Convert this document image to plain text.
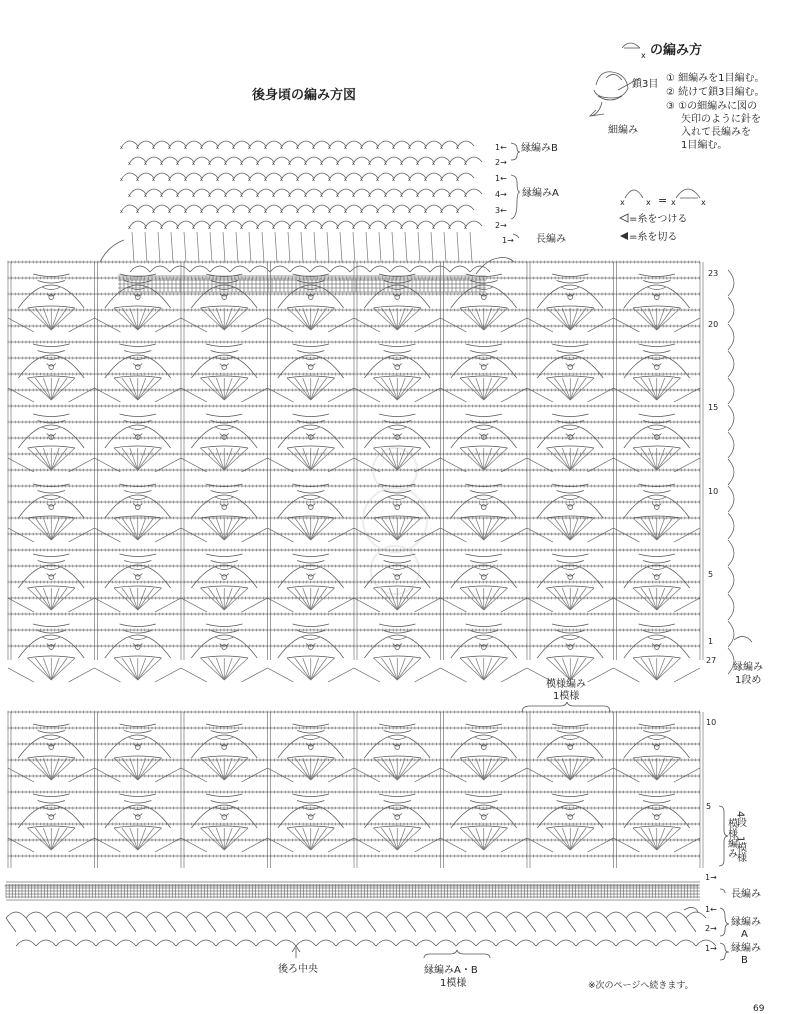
x の編み方
鎖3目
細編み
① 細編みを1目編む。
② 続けて鎖3目編む。
③ ①の細編みに図の
矢印のように針を
入れて長編みを
1目編む。
x	x	x	x
=
=糸をつける
=糸を切る
後身頃の編み方図
x	x	x	x	x	x	x	x	x	x	x	x	x	x	x	x	x	x	x	x	x	x
x	x	x	x	x	x	x	x	x	x	x	x	x	x	x	x	x	x	x	x	x	x
x	x	x	x	x	x	x	x	x	x	x	x	x	x	x	x	x	x	x	x	x	x
x	x	x	x	x	x	x	x	x	x	x	x	x	x	x	x	x	x	x	x	x	x
x	x	x	x	x	x	x	x	x	x	x	x	x	x	x	x	x	x	x	x	x	x
x	x	x	x	x	x	x	x	x	x	x	x	x	x	x	x	x	x	x	x	x	x
1←
2→
1←
4→
3←
2→
1→
縁編みB
縁編みA
長編み
23
20
15
10
5
1
27
縁編み
1段め
模様編み
1模様
10
5
4段
1模様
模様編み
1→
1←
2→
1→
長編み
縁編み
A
縁編み
B
後ろ中央	縁編みA・B
1模様	※次のページへ続きます。
69
